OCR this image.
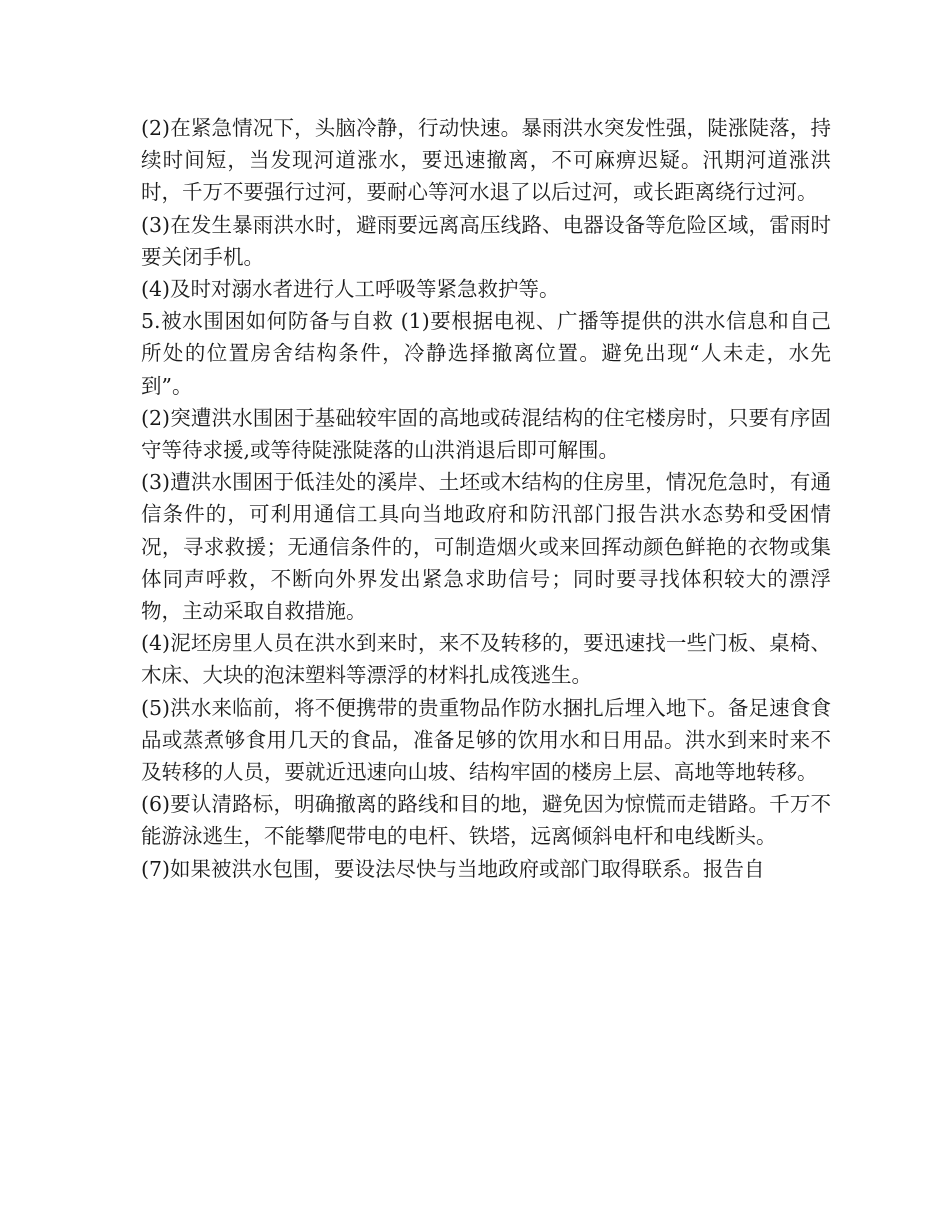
(2)在紧急情况下，头脑冷静，行动快速。暴雨洪水突发性强，陡涨陡落，持续时间短，当发现河道涨水，要迅速撤离，不可麻痹迟疑。汛期河道涨洪时，千万不要强行过河，要耐心等河水退了以后过河，或长距离绕行过河。

(3)在发生暴雨洪水时，避雨要远离高压线路、电器设备等危险区域，雷雨时要关闭手机。

(4)及时对溺水者进行人工呼吸等紧急救护等。

5.被水围困如何防备与自救 (1)要根据电视、广播等提供的洪水信息和自己所处的位置房舍结构条件，冷静选择撤离位置。避免出现“人未走，水先到”。

(2)突遭洪水围困于基础较牢固的高地或砖混结构的住宅楼房时，只要有序固守等待求援,或等待陡涨陡落的山洪消退后即可解围。

(3)遭洪水围困于低洼处的溪岸、土坯或木结构的住房里，情况危急时，有通信条件的，可利用通信工具向当地政府和防汛部门报告洪水态势和受困情况，寻求救援；无通信条件的，可制造烟火或来回挥动颜色鲜艳的衣物或集体同声呼救，不断向外界发出紧急求助信号；同时要寻找体积较大的漂浮物，主动采取自救措施。

(4)泥坯房里人员在洪水到来时，来不及转移的，要迅速找一些门板、桌椅、木床、大块的泡沫塑料等漂浮的材料扎成筏逃生。

(5)洪水来临前，将不便携带的贵重物品作防水捆扎后埋入地下。备足速食食品或蒸煮够食用几天的食品，准备足够的饮用水和日用品。洪水到来时来不及转移的人员，要就近迅速向山坡、结构牢固的楼房上层、高地等地转移。

(6)要认清路标，明确撤离的路线和目的地，避免因为惊慌而走错路。千万不能游泳逃生，不能攀爬带电的电杆、铁塔，远离倾斜电杆和电线断头。

(7)如果被洪水包围，要设法尽快与当地政府或部门取得联系。报告自
